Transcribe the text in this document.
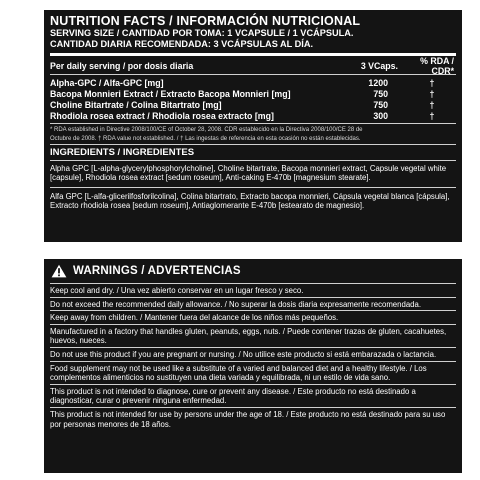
NUTRITION FACTS / INFORMACIÓN NUTRICIONAL
SERVING SIZE / CANTIDAD POR TOMA: 1 VCAPSULE / 1 VCÁPSULA.
CANTIDAD DIARIA RECOMENDADA: 3 VCÁPSULAS AL DÍA.
Per daily serving / por dosis diaria	3 VCaps.	% RDA / CDR*
Alpha-GPC / Alfa-GPC [mg]	1200	†
Bacopa Monnieri Extract / Extracto Bacopa Monnieri [mg]	750	†
Choline Bitartrate / Colina Bitartrato [mg]	750	†
Rhodiola rosea extract / Rhodiola rosea extracto [mg]	300	†
* RDA established in Directive 2008/100/CE of October 28, 2008. CDR establecido en la Directiva 2008/100/CE 28 de
Octubre de 2008. † RDA value not established. / † Las ingestas de referencia en esta ocasión no están establecidas.
INGREDIENTS / INGREDIENTES
Alpha GPC [L-alpha-glycerylphosphorylcholine], Choline bitartrate, Bacopa monnieri extract, Capsule vegetal white [capsule], Rhodiola rosea extract [sedum roseum], Anti-caking E-470b [magnesium stearate].
Alfa GPC [L-alfa-glicerilfosforilcolina], Colina bitartrato, Extracto bacopa monnieri, Cápsula vegetal blanca [cápsula], Extracto rhodiola rosea [sedum roseum], Antiaglomerante E-470b [estearato de magnesio].
WARNINGS / ADVERTENCIAS
Keep cool and dry. / Una vez abierto conservar en un lugar fresco y seco.
Do not exceed the recommended daily allowance. / No superar la dosis diaria expresamente recomendada.
Keep away from children. / Mantener fuera del alcance de los niños más pequeños.
Manufactured in a factory that handles gluten, peanuts, eggs, nuts. / Puede contener trazas de gluten, cacahuetes, huevos, nueces.
Do not use this product if you are pregnant or nursing. / No utilice este producto si está embarazada o lactancia.
Food supplement may not be used like a substitute of a varied and balanced diet and a healthy lifestyle. / Los complementos alimenticios no sustituyen una dieta variada y equilibrada, ni un estilo de vida sano.
This product is not intended to diagnose, cure or prevent any disease. / Este producto no está destinado a diagnosticar, curar o prevenir ninguna enfermedad.
This product is not intended for use by persons under the age of 18. / Este producto no está destinado para su uso por personas menores de 18 años.
